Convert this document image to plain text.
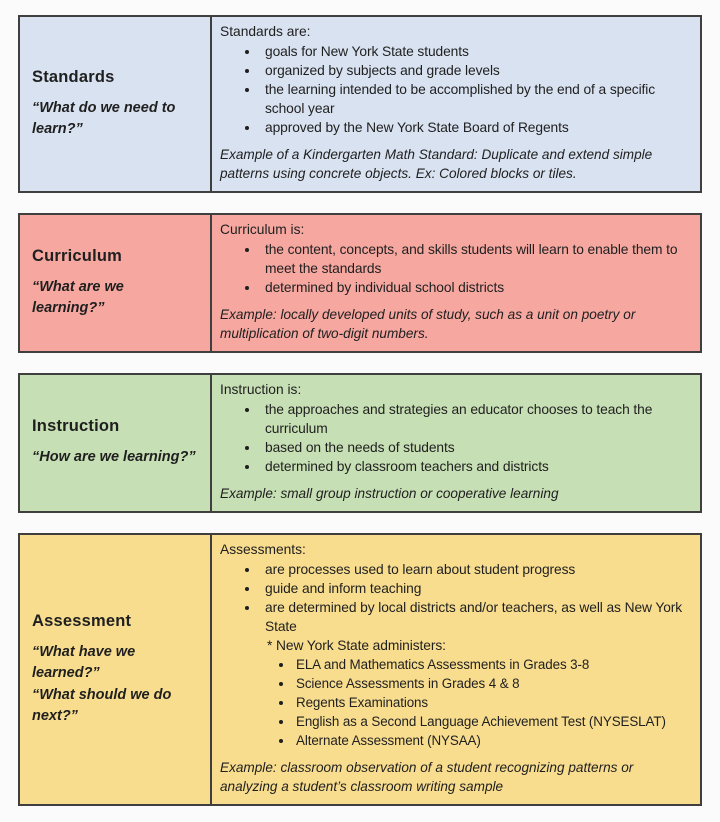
Standards
“What do we need to learn?”

Standards are:

• goals for New York State students
• organized by subjects and grade levels
• the learning intended to be accomplished by the end of a specific school year
• approved by the New York State Board of Regents

Example of a Kindergarten Math Standard: Duplicate and extend simple patterns using concrete objects. Ex: Colored blocks or tiles.

Curriculum
“What are we learning?”

Curriculum is:

• the content, concepts, and skills students will learn to enable them to meet the standards
• determined by individual school districts

Example: locally developed units of study, such as a unit on poetry or multiplication of two-digit numbers.

Instruction
“How are we learning?”

Instruction is:

• the approaches and strategies an educator chooses to teach the curriculum
• based on the needs of students
• determined by classroom teachers and districts

Example: small group instruction or cooperative learning

Assessment
“What have we learned?”
“What should we do next?”

Assessments:

• are processes used to learn about student progress
• guide and inform teaching
• are determined by local districts and/or teachers, as well as New York State
* New York State administers:
• ELA and Mathematics Assessments in Grades 3-8
• Science Assessments in Grades 4 & 8
• Regents Examinations
• English as a Second Language Achievement Test (NYSESLAT)
• Alternate Assessment (NYSAA)

Example: classroom observation of a student recognizing patterns or analyzing a student’s classroom writing sample
